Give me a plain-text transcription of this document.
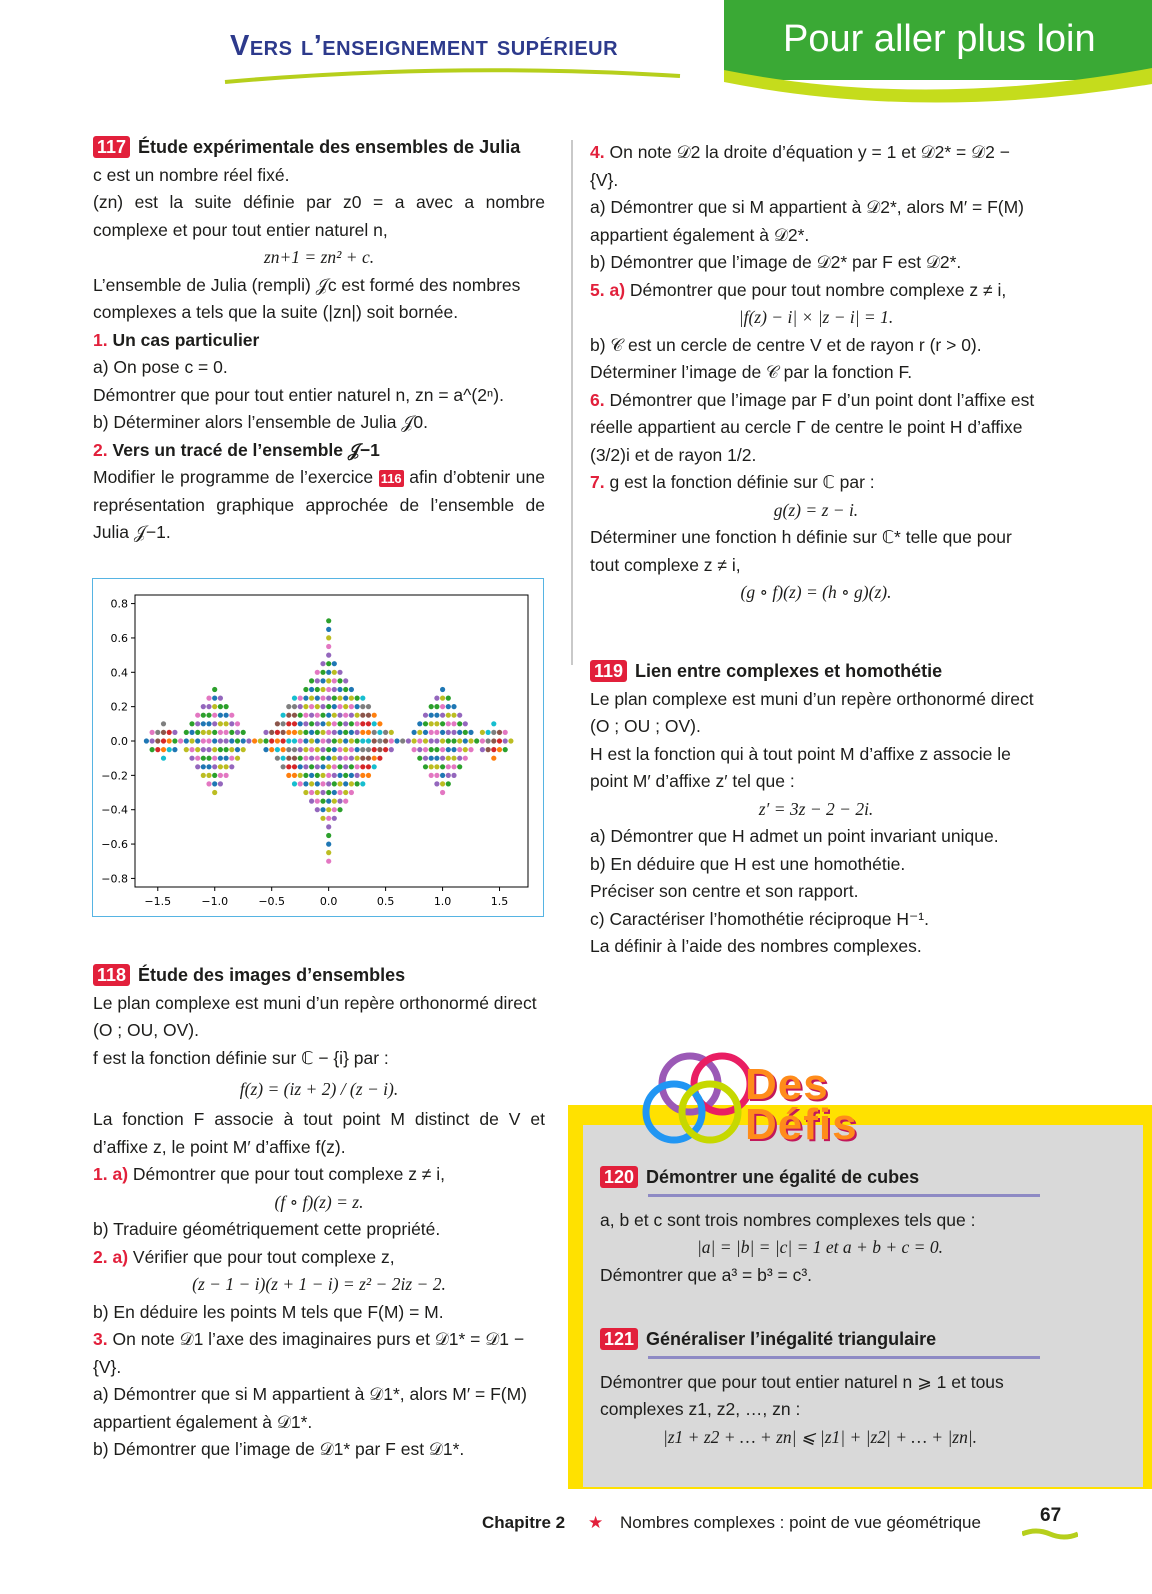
Vers l’enseignement supérieur	Pour aller plus loin

117 Étude expérimentale des ensembles de Julia

c est un nombre réel fixé.

(zn) est la suite définie par z0 = a avec a nombre complexe et pour tout entier naturel n,

zn+1 = zn² + c.

L’ensemble de Julia (rempli) 𝒥c est formé des nombres complexes a tels que la suite (|zn|) soit bornée.

1. Un cas particulier

a) On pose c = 0.

Démontrer que pour tout entier naturel n, zn = a^(2ⁿ).

b) Déterminer alors l’ensemble de Julia 𝒥0.

2. Vers un tracé de l’ensemble 𝒥−1

Modifier le programme de l’exercice 116 afin d’obtenir une représentation graphique approchée de l’ensemble de Julia 𝒥−1.

−1.5	−1.0	−0.5	0.0	0.5	1.0	1.5
0.8
0.6
0.4
0.2
0.0
−0.2
−0.4
−0.6
−0.8

118 Étude des images d’ensembles

Le plan complexe est muni d’un repère orthonormé direct (O ; OU, OV).

f est la fonction définie sur ℂ − {i} par :

f(z) = (iz + 2) / (z − i).

La fonction F associe à tout point M distinct de V et d’affixe z, le point M′ d’affixe f(z).

1. a) Démontrer que pour tout complexe z ≠ i,

(f ∘ f)(z) = z.

b) Traduire géométriquement cette propriété.

2. a) Vérifier que pour tout complexe z,

(z − 1 − i)(z + 1 − i) = z² − 2iz − 2.

b) En déduire les points M tels que F(M) = M.

3. On note 𝒟1 l’axe des imaginaires purs et 𝒟1* = 𝒟1 − {V}.

a) Démontrer que si M appartient à 𝒟1*, alors M′ = F(M) appartient également à 𝒟1*.

b) Démontrer que l’image de 𝒟1* par F est 𝒟1*.

4. On note 𝒟2 la droite d’équation y = 1 et 𝒟2* = 𝒟2 − {V}.

a) Démontrer que si M appartient à 𝒟2*, alors M′ = F(M) appartient également à 𝒟2*.

b) Démontrer que l’image de 𝒟2* par F est 𝒟2*.

5. a) Démontrer que pour tout nombre complexe z ≠ i,

|f(z) − i| × |z − i| = 1.

b) 𝒞 est un cercle de centre V et de rayon r (r > 0). Déterminer l’image de 𝒞 par la fonction F.

6. Démontrer que l’image par F d’un point dont l’affixe est réelle appartient au cercle Γ de centre le point H d’affixe (3/2)i et de rayon 1/2.

7. g est la fonction définie sur ℂ par :

g(z) = z − i.

Déterminer une fonction h définie sur ℂ* telle que pour tout complexe z ≠ i,

(g ∘ f)(z) = (h ∘ g)(z).

119 Lien entre complexes et homothétie

Le plan complexe est muni d’un repère orthonormé direct (O ; OU ; OV).

H est la fonction qui à tout point M d’affixe z associe le point M′ d’affixe z′ tel que :

z′ = 3z − 2 − 2i.

a) Démontrer que H admet un point invariant unique.

b) En déduire que H est une homothétie.

Préciser son centre et son rapport.

c) Caractériser l’homothétie réciproque H⁻¹.

La définir à l’aide des nombres complexes.

Des
Défis

120 Démontrer une égalité de cubes

a, b et c sont trois nombres complexes tels que :

|a| = |b| = |c| = 1 et a + b + c = 0.

Démontrer que a³ = b³ = c³.

121 Généraliser l’inégalité triangulaire

Démontrer que pour tout entier naturel n ⩾ 1 et tous complexes z1, z2, …, zn :

|z1 + z2 + … + zn| ⩽ |z1| + |z2| + … + |zn|.

Chapitre 2 ★ Nombres complexes : point de vue géométrique	67
